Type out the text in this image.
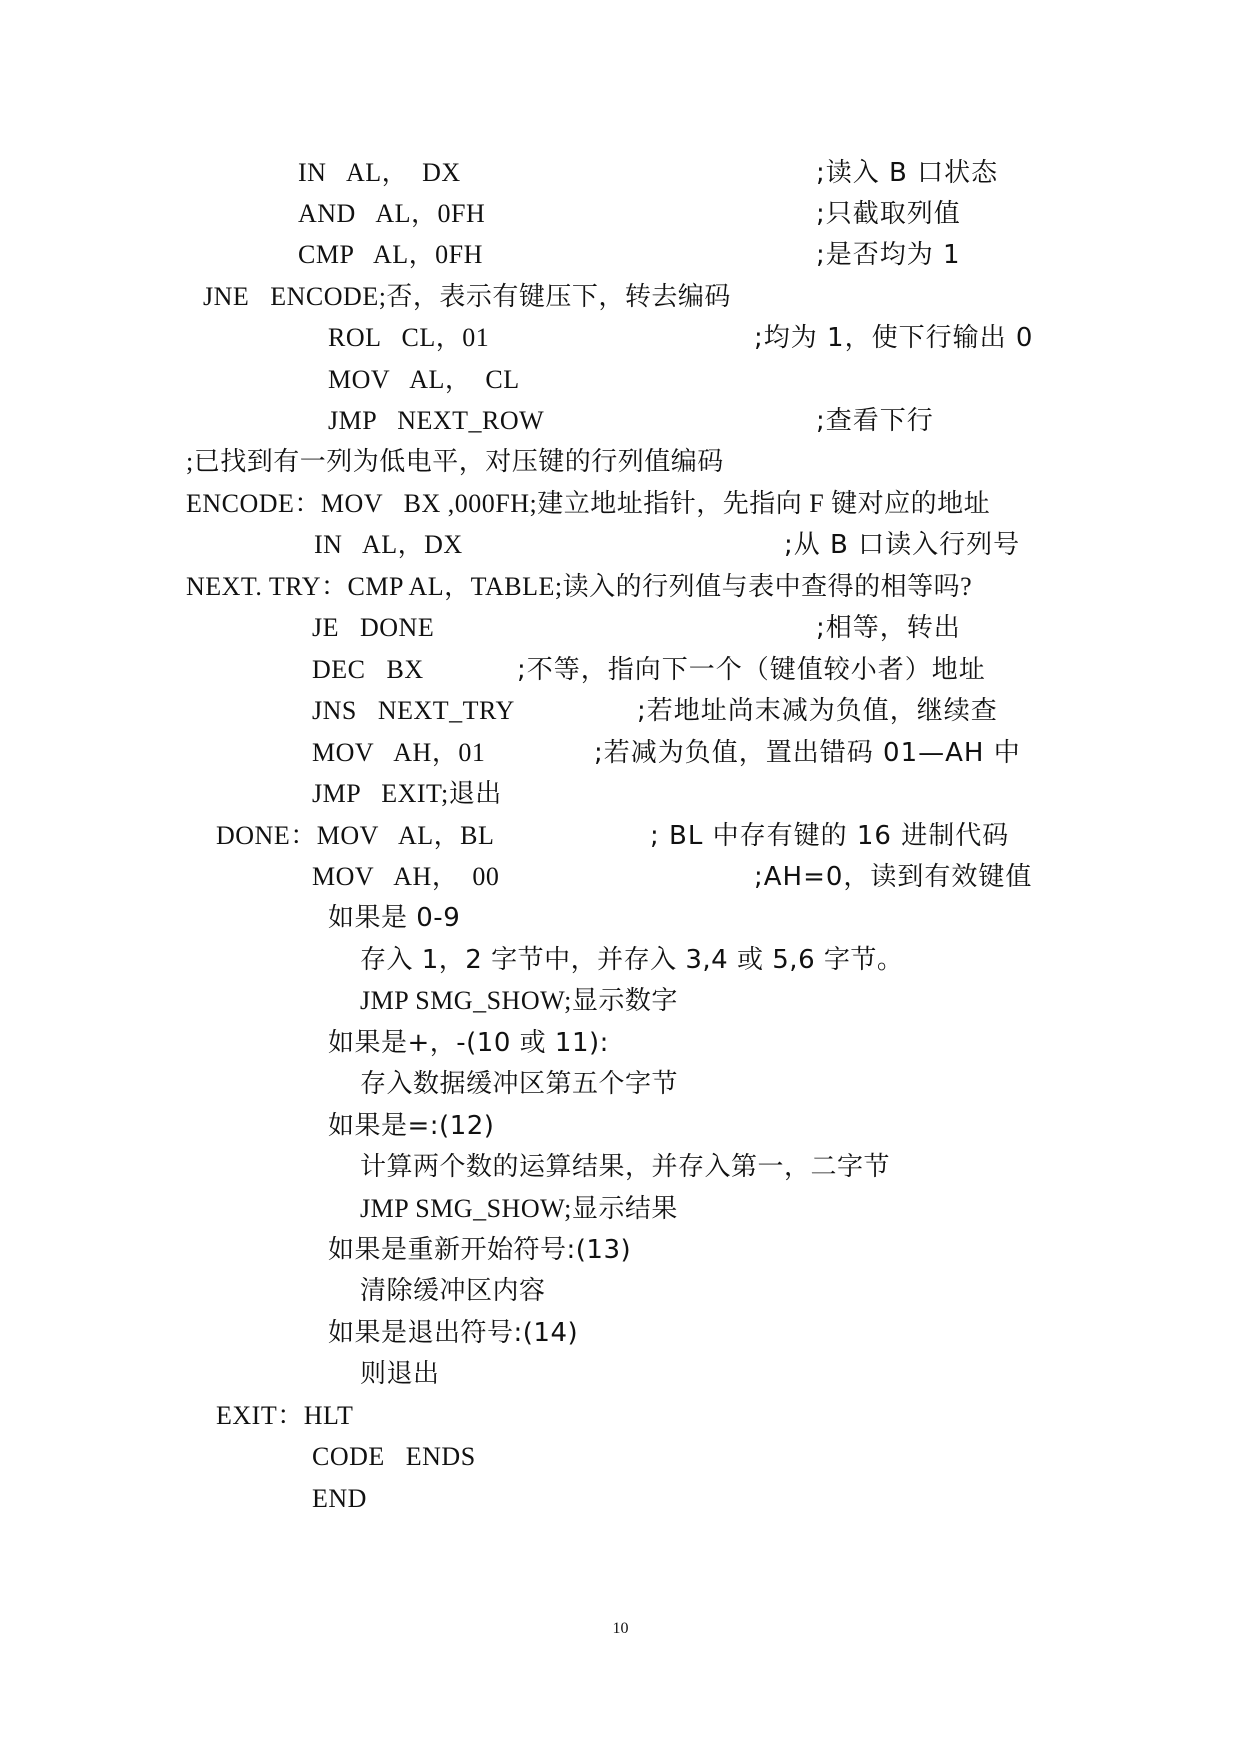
IN   AL，  DX	;读入 B 口状态
AND   AL，0FH	;只截取列值
CMP   AL，0FH	;是否均为 1
JNE   ENCODE;否，表示有键压下，转去编码
ROL   CL，01	;均为 1，使下行输出 0
MOV   AL，  CL
JMP   NEXT_ROW	;查看下行
;已找到有一列为低电平，对压键的行列值编码
ENCODE：MOV   BX ,000FH;建立地址指针，先指向 F 键对应的地址
IN   AL，DX	;从 B 口读入行列号
NEXT. TRY：CMP AL，TABLE;读入的行列值与表中查得的相等吗?
JE   DONE	;相等，转出
DEC   BX	;不等，指向下一个（键值较小者）地址
JNS   NEXT_TRY	;若地址尚末减为负值，继续查
MOV   AH，01	;若减为负值，置出错码 01—AH 中
JMP   EXIT;退出
DONE：MOV   AL，BL	; BL 中存有键的 16 进制代码
MOV   AH，  00	;AH=0，读到有效键值
如果是 0-9
存入 1，2 字节中，并存入 3,4 或 5,6 字节。
JMP SMG_SHOW;显示数字
如果是+，-(10 或 11):
存入数据缓冲区第五个字节
如果是=:(12)
计算两个数的运算结果，并存入第一，二字节
JMP SMG_SHOW;显示结果
如果是重新开始符号:(13)
清除缓冲区内容
如果是退出符号:(14)
则退出
EXIT：HLT
CODE   ENDS
END
10
